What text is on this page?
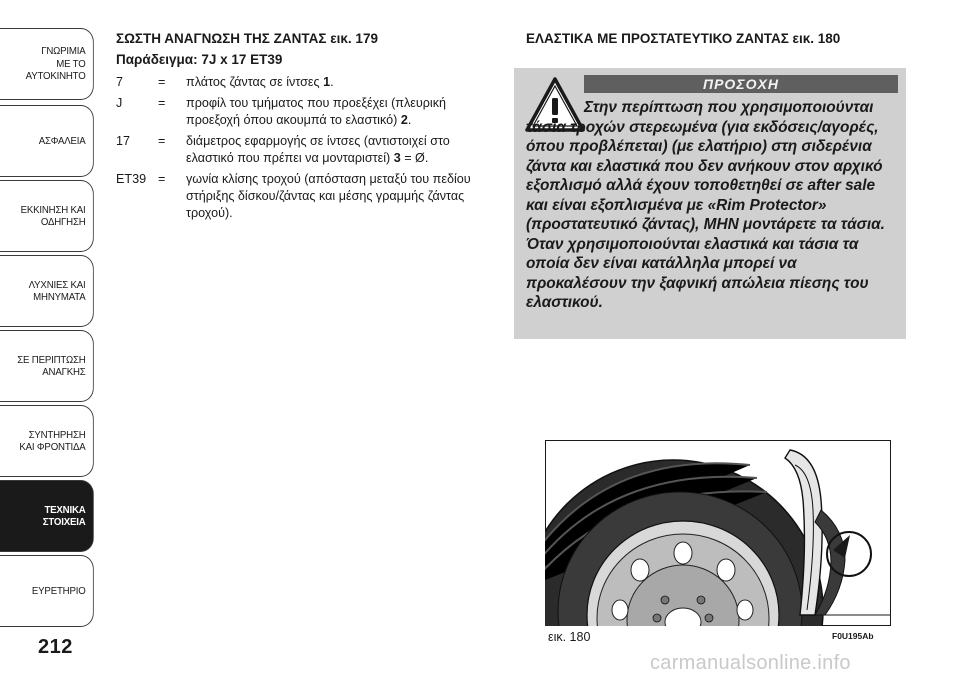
ΓΝΩΡΙΜΙΑ
ΜΕ ΤΟ
ΑΥΤΟΚΙΝΗΤΟ
ΑΣΦΑΛΕΙΑ
ΕΚΚΙΝΗΣΗ ΚΑΙ
ΟΔΗΓΗΣΗ
ΛΥΧΝΙΕΣ ΚΑΙ
ΜΗΝΥΜΑΤΑ
ΣΕ ΠΕΡΙΠΤΩΣΗ
ΑΝΑΓΚΗΣ
ΣΥΝΤΗΡΗΣΗ
ΚΑΙ ΦΡΟΝΤΙΔΑ
ΤΕΧΝΙΚΑ
ΣΤΟΙΧΕΙΑ
ΕΥΡΕΤΗΡΙΟ
212
ΣΩΣΤΗ ΑΝΑΓΝΩΣΗ ΤΗΣ ΖΑΝΤΑΣ εικ. 179
Παράδειγμα: 7J x 17 ET39
7	= πλάτος ζάντας σε ίντσες 1.
J	= προφίλ του τμήματος που προεξέχει (πλευρική προεξοχή όπου ακουμπά το ελαστικό) 2.
17	= διάμετρος εφαρμογής σε ίντσες (αντιστοιχεί στο ελαστικό που πρέπει να μονταριστεί) 3 = Ø.
ET39 = γωνία κλίσης τροχού (απόσταση μεταξύ του πεδίου στήριξης δίσκου/ζάντας και μέσης γραμμής ζάντας τροχού).
ΕΛΑΣΤΙΚΑ ΜΕ ΠΡΟΣΤΑΤΕΥΤΙΚΟ ΖΑΝΤΑΣ εικ. 180
ΠΡΟΣΟΧΗ
Στην περίπτωση που χρησιμοποιούνται τάσια τροχών στερεωμένα (για εκδόσεις/αγορές, όπου προβλέπεται) (με ελατήριο) στη σιδερένια ζάντα και ελαστικά που δεν ανήκουν στον αρχικό εξοπλισμό αλλά έχουν τοποθετηθεί σε after sale και είναι εξοπλισμένα με «Rim Protector» (προστατευτικό ζάντας), ΜΗΝ μοντάρετε τα τάσια. Όταν χρησιμοποιούνται ελαστικά και τάσια τα οποία δεν είναι κατάλληλα μπορεί να προκαλέσουν την ξαφνική απώλεια πίεσης του ελαστικού.
εικ. 180	F0U195Ab
carmanualsonline.info
